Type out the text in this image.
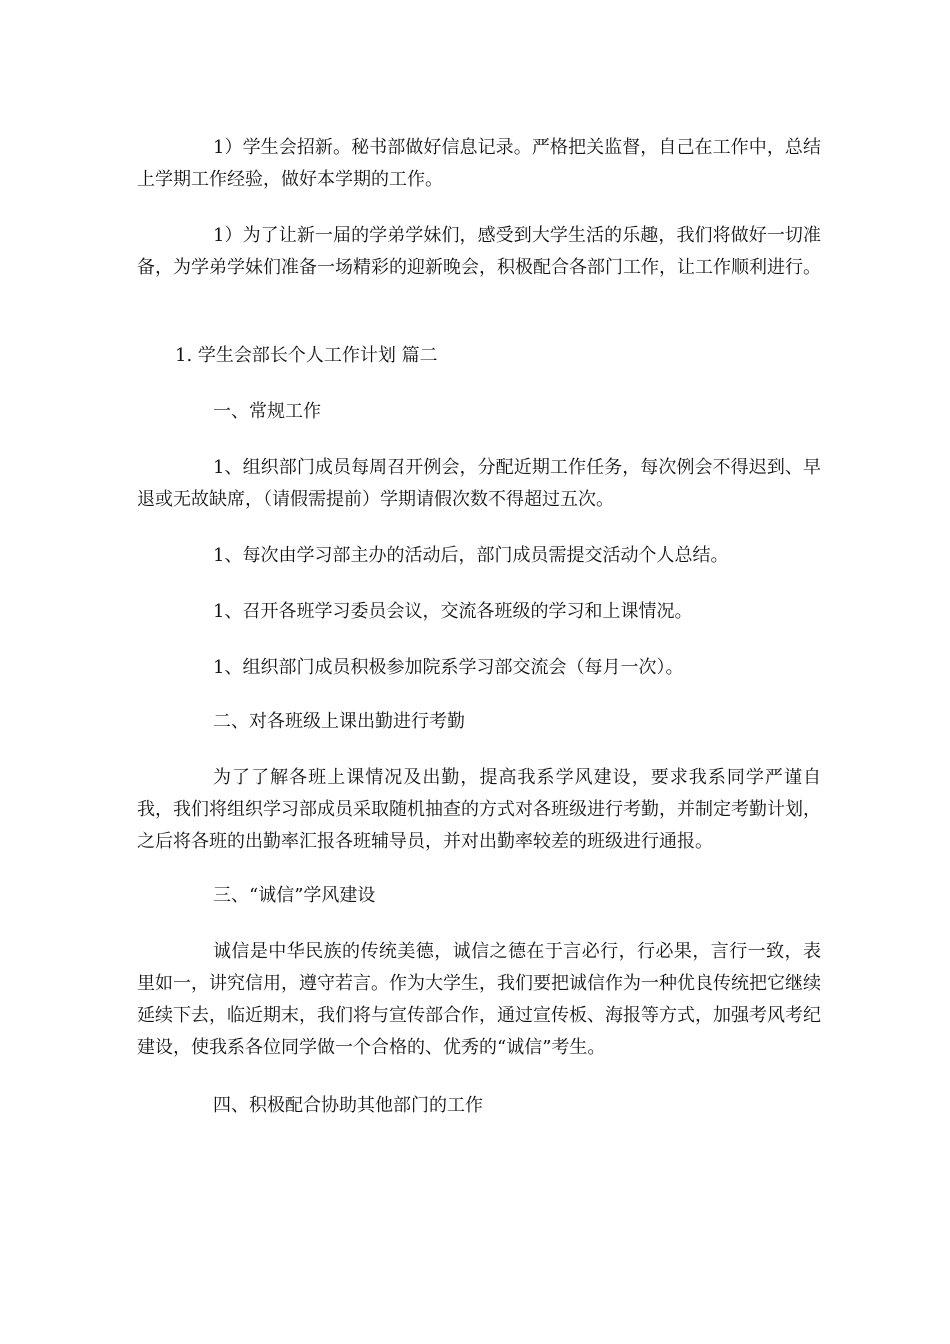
1）学生会招新。秘书部做好信息记录。严格把关监督，自己在工作中，总结上学期工作经验，做好本学期的工作。

1）为了让新一届的学弟学妹们，感受到大学生活的乐趣，我们将做好一切准备，为学弟学妹们准备一场精彩的迎新晚会，积极配合各部门工作，让工作顺利进行。

1. 学生会部长个人工作计划 篇二
一、常规工作

1、组织部门成员每周召开例会，分配近期工作任务，每次例会不得迟到、早退或无故缺席，（请假需提前）学期请假次数不得超过五次。

1、每次由学习部主办的活动后，部门成员需提交活动个人总结。

1、召开各班学习委员会议，交流各班级的学习和上课情况。

1、组织部门成员积极参加院系学习部交流会（每月一次）。

二、对各班级上课出勤进行考勤

为了了解各班上课情况及出勤，提高我系学风建设，要求我系同学严谨自我，我们将组织学习部成员采取随机抽查的方式对各班级进行考勤，并制定考勤计划，之后将各班的出勤率汇报各班辅导员，并对出勤率较差的班级进行通报。

三、“诚信”学风建设

诚信是中华民族的传统美德，诚信之德在于言必行，行必果，言行一致，表里如一，讲究信用，遵守若言。作为大学生，我们要把诚信作为一种优良传统把它继续延续下去，临近期末，我们将与宣传部合作，通过宣传板、海报等方式，加强考风考纪建设，使我系各位同学做一个合格的、优秀的“诚信”考生。

四、积极配合协助其他部门的工作
